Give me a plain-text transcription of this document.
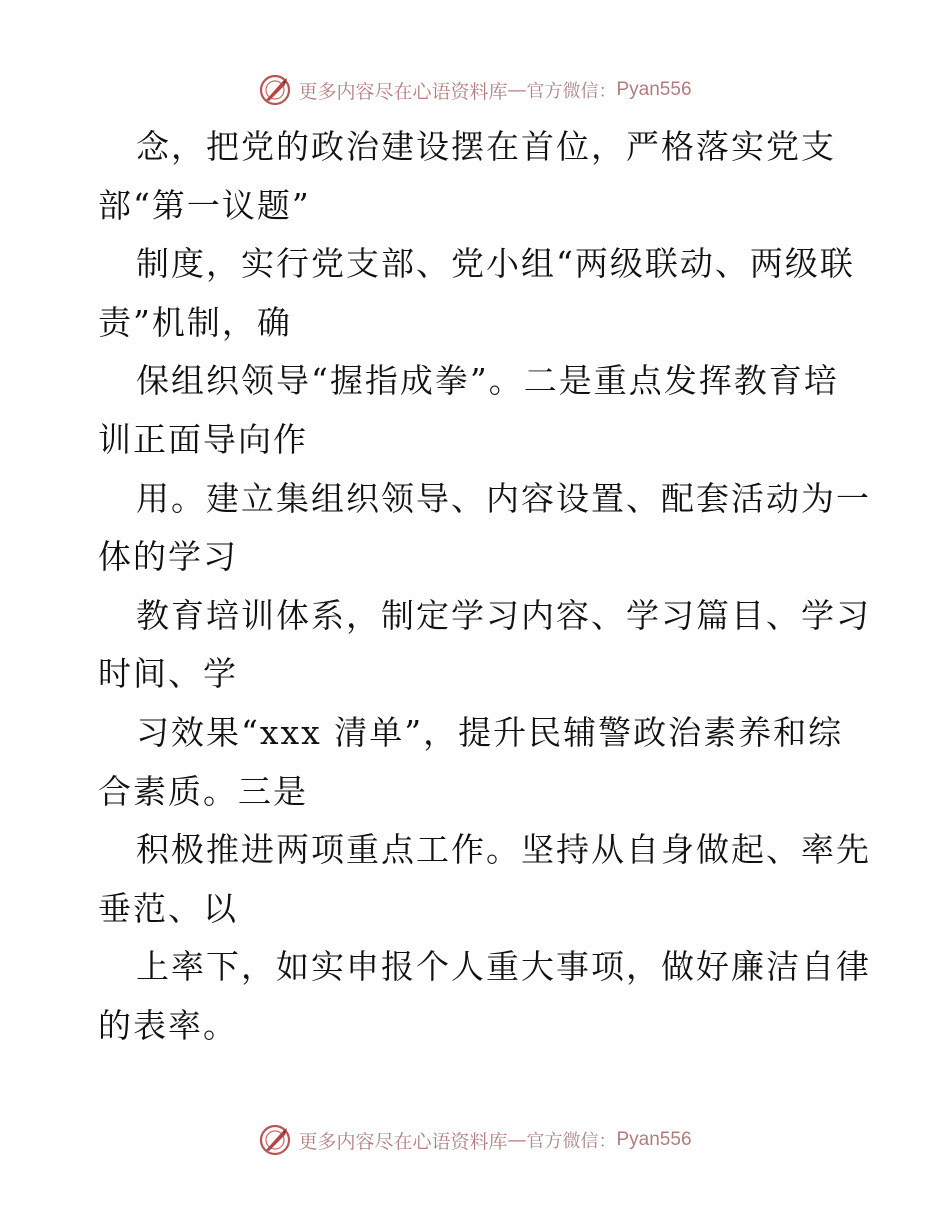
更多内容尽在心语资料库 — 官方微信： Pyan556
念，把党的政治建设摆在首位，严格落实党支
部“第一议题”
制度，实行党支部、党小组“两级联动、两级联
责”机制，确
保组织领导“握指成拳”。二是重点发挥教育培
训正面导向作
用。建立集组织领导、内容设置、配套活动为一
体的学习
教育培训体系，制定学习内容、学习篇目、学习
时间、学
习效果“xxx 清单”，提升民辅警政治素养和综
合素质。三是
积极推进两项重点工作。坚持从自身做起、率先
垂范、以
上率下，如实申报个人重大事项，做好廉洁自律
的表率。
更多内容尽在心语资料库 — 官方微信： Pyan556
